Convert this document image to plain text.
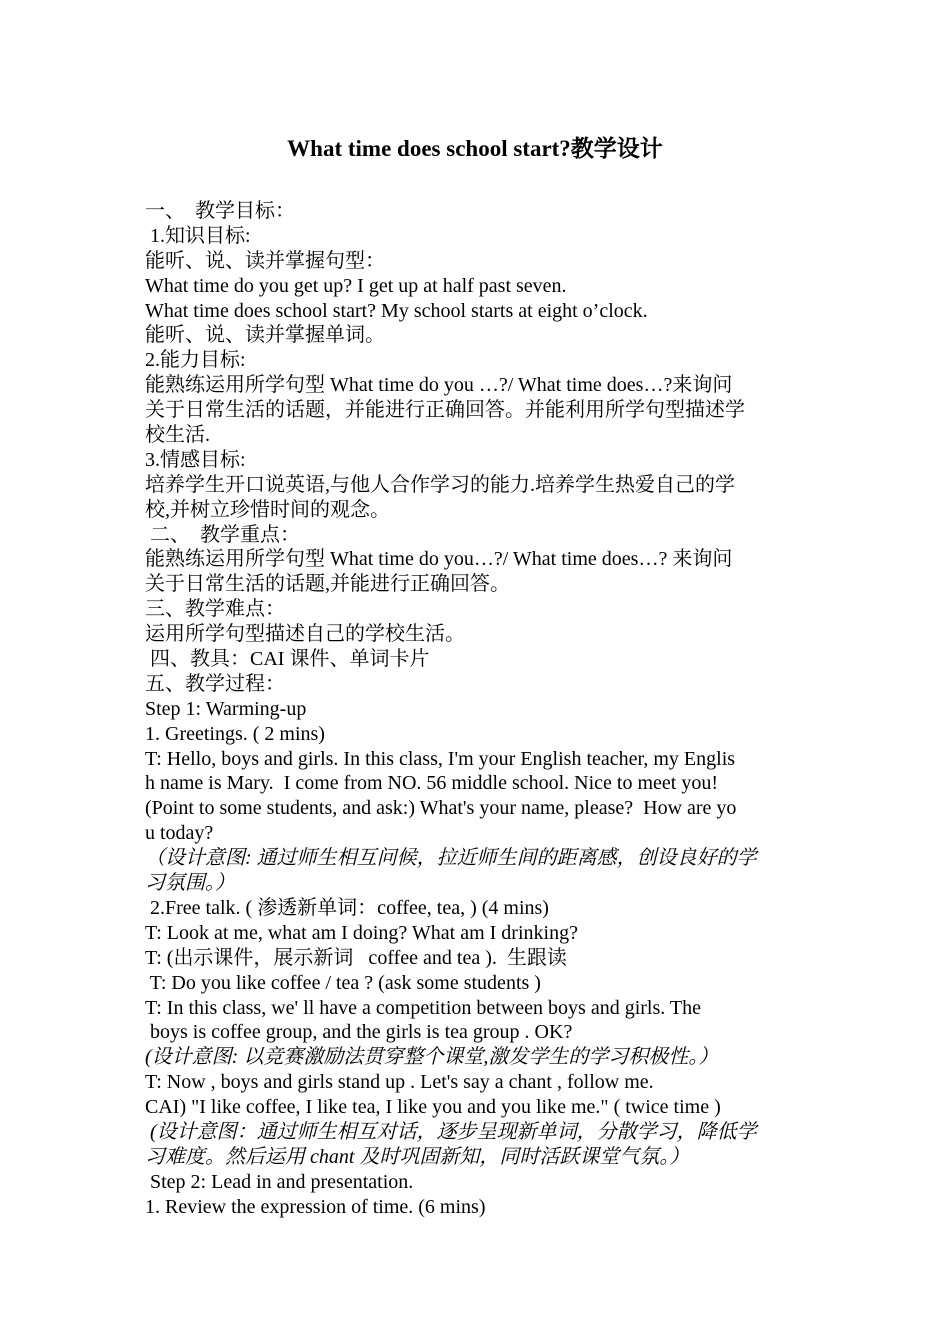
What time does school start?教学设计
一、  教学目标：
1.知识目标:
能听、说、读并掌握句型：
What time do you get up? I get up at half past seven.
What time does school start? My school starts at eight o’clock.
能听、说、读并掌握单词。
2.能力目标:
能熟练运用所学句型 What time do you …?/ What time does…?来询问
关于日常生活的话题，并能进行正确回答。并能利用所学句型描述学
校生活.
3.情感目标:
培养学生开口说英语,与他人合作学习的能力.培养学生热爱自己的学
校,并树立珍惜时间的观念。
二、  教学重点：
能熟练运用所学句型 What time do you…?/ What time does…? 来询问
关于日常生活的话题,并能进行正确回答。
三、教学难点：
运用所学句型描述自己的学校生活。
四、教具：CAI 课件、单词卡片
五、教学过程：
Step 1: Warming-up
1. Greetings. ( 2 mins)
T: Hello, boys and girls. In this class, I'm your English teacher, my Englis
h name is Mary.  I come from NO. 56 middle school. Nice to meet you!
(Point to some students, and ask:) What's your name, please?  How are yo
u today?
（设计意图: 通过师生相互问候，拉近师生间的距离感，创设良好的学
习氛围。）
2.Free talk. ( 渗透新单词：coffee, tea, ) (4 mins)
T: Look at me, what am I doing? What am I drinking?
T: (出示课件，展示新词   coffee and tea ).  生跟读
T: Do you like coffee / tea ? (ask some students )
T: In this class, we' ll have a competition between boys and girls. The
boys is coffee group, and the girls is tea group . OK?
(设计意图: 以竞赛激励法贯穿整个课堂,激发学生的学习积极性。）
T: Now , boys and girls stand up . Let's say a chant , follow me.
CAI) "I like coffee, I like tea, I like you and you like me." ( twice time )
(设计意图：通过师生相互对话，逐步呈现新单词，分散学习，降低学
习难度。然后运用 chant 及时巩固新知，同时活跃课堂气氛。）
Step 2: Lead in and presentation.
1. Review the expression of time. (6 mins)
